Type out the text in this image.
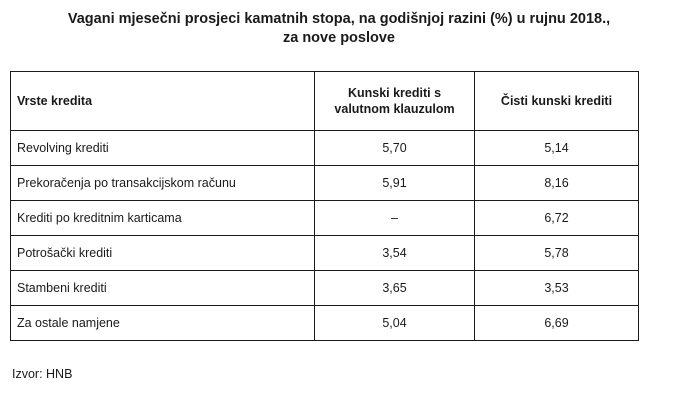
Vagani mjesečni prosjeci kamatnih stopa, na godišnjoj razini (%) u rujnu 2018.,
za nove poslove
Vrste kredita	Kunski krediti s valutnom klauzulom	Čisti kunski krediti
Revolving krediti	5,70	5,14
Prekoračenja po transakcijskom računu	5,91	8,16
Krediti po kreditnim karticama	–	6,72
Potrošački krediti	3,54	5,78
Stambeni krediti	3,65	3,53
Za ostale namjene	5,04	6,69
Izvor: HNB
